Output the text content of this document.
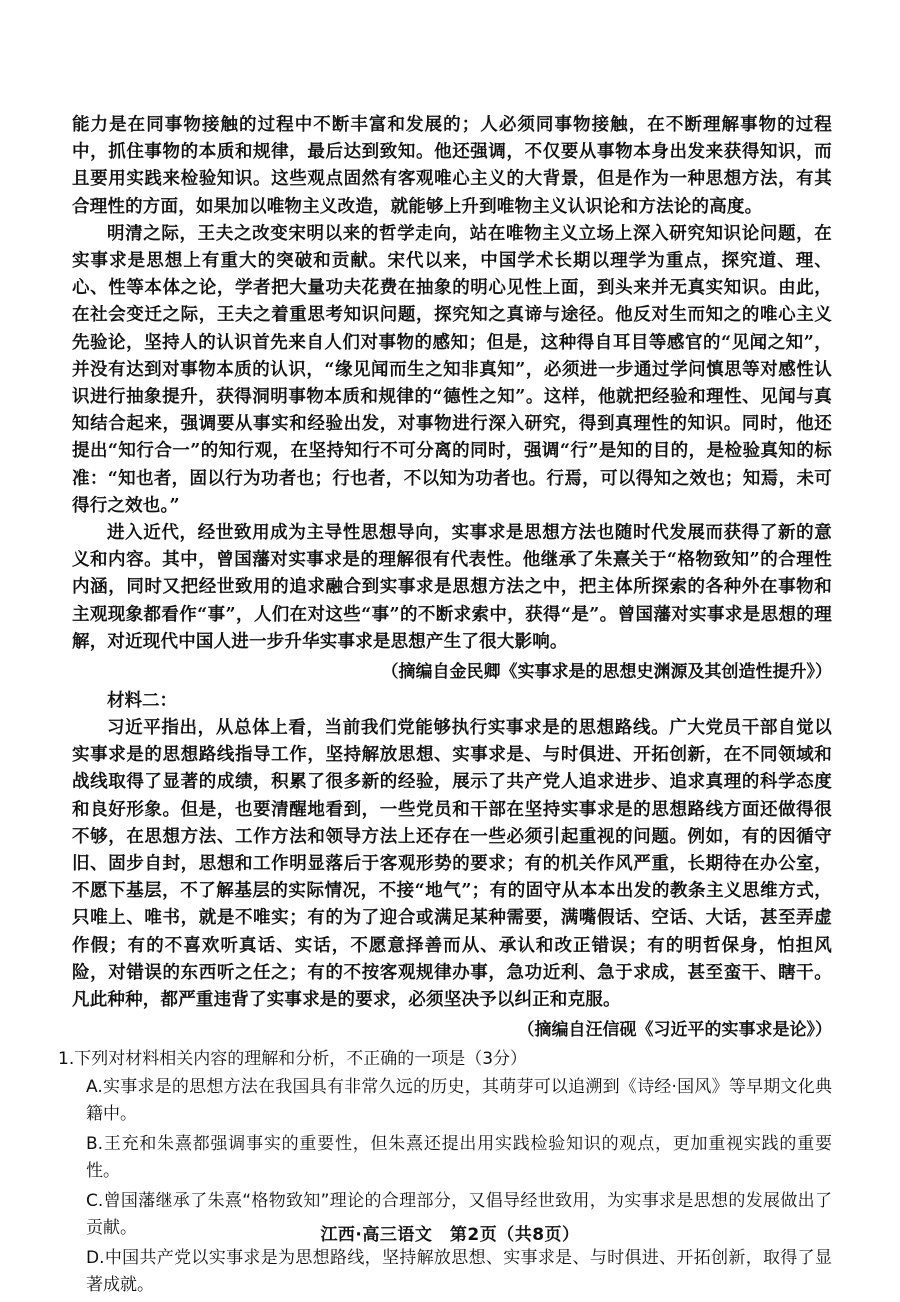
能力是在同事物接触的过程中不断丰富和发展的；人必须同事物接触，在不断理解事物的过程中，抓住事物的本质和规律，最后达到致知。他还强调，不仅要从事物本身出发来获得知识，而且要用实践来检验知识。这些观点固然有客观唯心主义的大背景，但是作为一种思想方法，有其合理性的方面，如果加以唯物主义改造，就能够上升到唯物主义认识论和方法论的高度。

明清之际，王夫之改变宋明以来的哲学走向，站在唯物主义立场上深入研究知识论问题，在实事求是思想上有重大的突破和贡献。宋代以来，中国学术长期以理学为重点，探究道、理、心、性等本体之论，学者把大量功夫花费在抽象的明心见性上面，到头来并无真实知识。由此，在社会变迁之际，王夫之着重思考知识问题，探究知之真谛与途径。他反对生而知之的唯心主义先验论，坚持人的认识首先来自人们对事物的感知；但是，这种得自耳目等感官的“见闻之知”，并没有达到对事物本质的认识，“缘见闻而生之知非真知”，必须进一步通过学问慎思等对感性认识进行抽象提升，获得洞明事物本质和规律的“德性之知”。这样，他就把经验和理性、见闻与真知结合起来，强调要从事实和经验出发，对事物进行深入研究，得到真理性的知识。同时，他还提出“知行合一”的知行观，在坚持知行不可分离的同时，强调“行”是知的目的，是检验真知的标准：“知也者，固以行为功者也；行也者，不以知为功者也。行焉，可以得知之效也；知焉，未可得行之效也。”

进入近代，经世致用成为主导性思想导向，实事求是思想方法也随时代发展而获得了新的意义和内容。其中，曾国藩对实事求是的理解很有代表性。他继承了朱熹关于“格物致知”的合理性内涵，同时又把经世致用的追求融合到实事求是思想方法之中，把主体所探索的各种外在事物和主观现象都看作“事”，人们在对这些“事”的不断求索中，获得“是”。曾国藩对实事求是思想的理解，对近现代中国人进一步升华实事求是思想产生了很大影响。

（摘编自金民卿《实事求是的思想史渊源及其创造性提升》）

材料二：

习近平指出，从总体上看，当前我们党能够执行实事求是的思想路线。广大党员干部自觉以实事求是的思想路线指导工作，坚持解放思想、实事求是、与时俱进、开拓创新，在不同领域和战线取得了显著的成绩，积累了很多新的经验，展示了共产党人追求进步、追求真理的科学态度和良好形象。但是，也要清醒地看到，一些党员和干部在坚持实事求是的思想路线方面还做得很不够，在思想方法、工作方法和领导方法上还存在一些必须引起重视的问题。例如，有的因循守旧、固步自封，思想和工作明显落后于客观形势的要求；有的机关作风严重，长期待在办公室，不愿下基层，不了解基层的实际情况，不接“地气”；有的固守从本本出发的教条主义思维方式，只唯上、唯书，就是不唯实；有的为了迎合或满足某种需要，满嘴假话、空话、大话，甚至弄虚作假；有的不喜欢听真话、实话，不愿意择善而从、承认和改正错误；有的明哲保身，怕担风险，对错误的东西听之任之；有的不按客观规律办事，急功近利、急于求成，甚至蛮干、瞎干。凡此种种，都严重违背了实事求是的要求，必须坚决予以纠正和克服。

（摘编自汪信砚《习近平的实事求是论》）

1.下列对材料相关内容的理解和分析，不正确的一项是（3分）

A.实事求是的思想方法在我国具有非常久远的历史，其萌芽可以追溯到《诗经·国风》等早期文化典籍中。

B.王充和朱熹都强调事实的重要性，但朱熹还提出用实践检验知识的观点，更加重视实践的重要性。

C.曾国藩继承了朱熹“格物致知”理论的合理部分，又倡导经世致用，为实事求是思想的发展做出了贡献。

D.中国共产党以实事求是为思想路线，坚持解放思想、实事求是、与时俱进、开拓创新，取得了显著成就。

江西·高三语文　第2页（共8页）
